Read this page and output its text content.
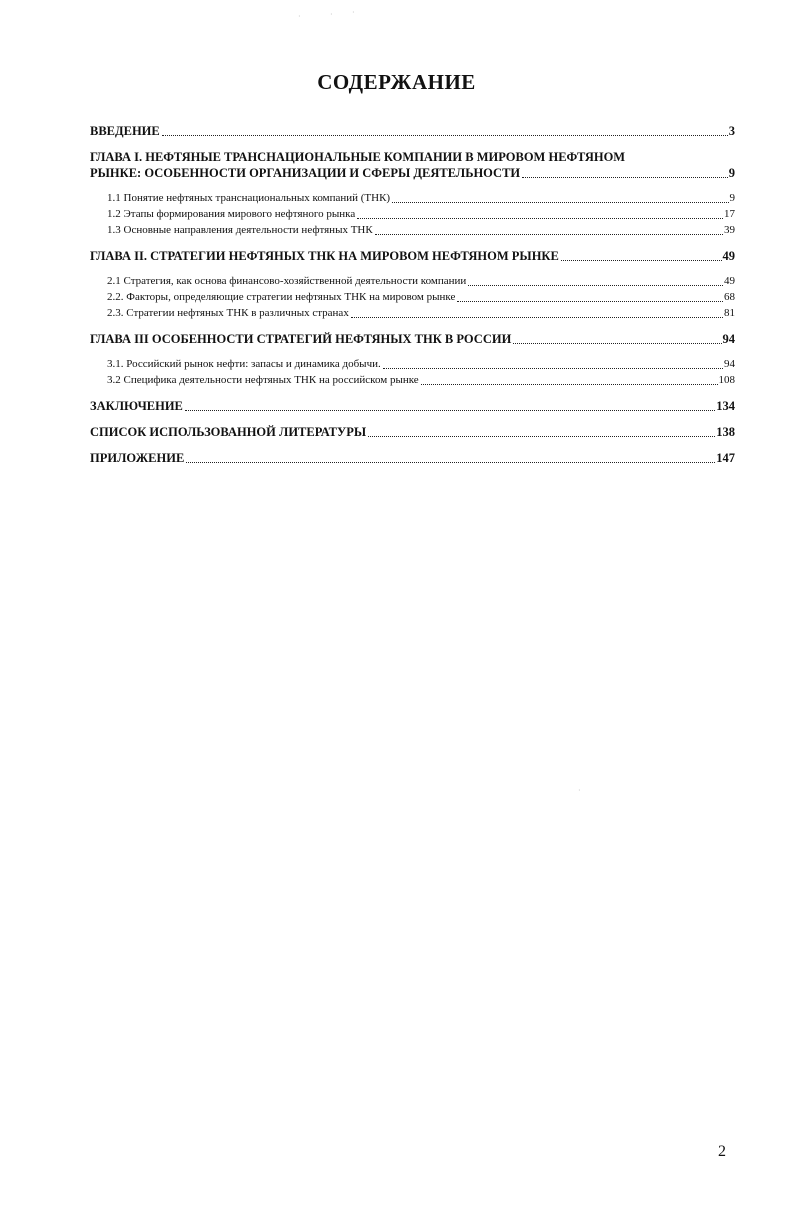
СОДЕРЖАНИЕ
ВВЕДЕНИЕ	3
ГЛАВА I. НЕФТЯНЫЕ ТРАНСНАЦИОНАЛЬНЫЕ КОМПАНИИ В МИРОВОМ НЕФТЯНОМ
РЫНКЕ: ОСОБЕННОСТИ ОРГАНИЗАЦИИ И СФЕРЫ ДЕЯТЕЛЬНОСТИ	9
1.1 Понятие нефтяных транснациональных компаний (ТНК)	9
1.2 Этапы формирования мирового нефтяного рынка	17
1.3 Основные направления деятельности нефтяных ТНК	39
ГЛАВА II. СТРАТЕГИИ НЕФТЯНЫХ ТНК НА МИРОВОМ НЕФТЯНОМ РЫНКЕ	49
2.1 Стратегия, как основа финансово-хозяйственной деятельности компании	49
2.2. Факторы, определяющие стратегии нефтяных ТНК на мировом рынке	68
2.3. Стратегии нефтяных ТНК в различных странах	81
ГЛАВА III ОСОБЕННОСТИ СТРАТЕГИЙ НЕФТЯНЫХ ТНК В РОССИИ	94
3.1. Российский рынок нефти: запасы и динамика добычи.	94
3.2 Специфика деятельности нефтяных ТНК на российском рынке	108
ЗАКЛЮЧЕНИЕ	134
СПИСОК ИСПОЛЬЗОВАННОЙ ЛИТЕРАТУРЫ	138
ПРИЛОЖЕНИЕ	147
·	· ·
·
2
